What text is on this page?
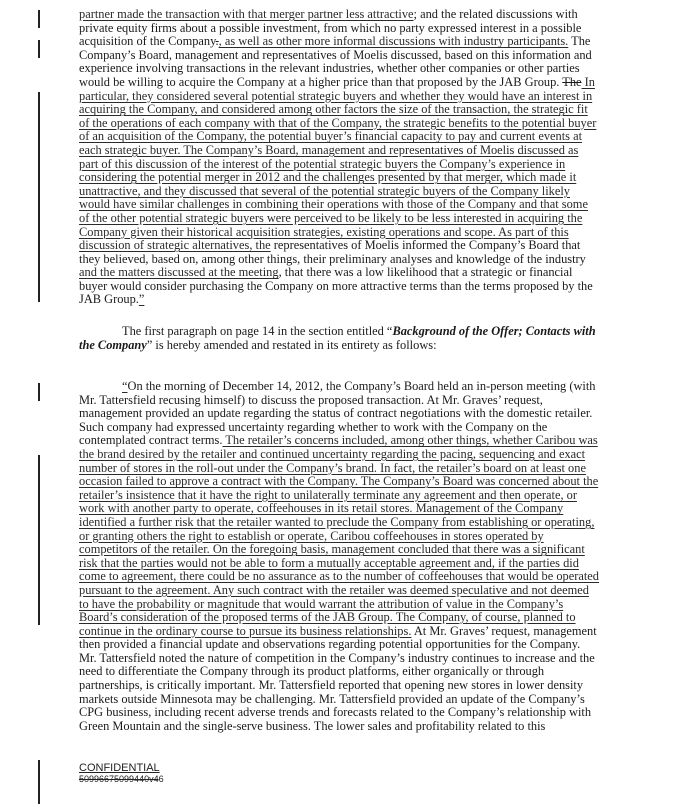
partner made the transaction with that merger partner less attractive; and the related discussions with private equity firms about a possible investment, from which no party expressed interest in a possible acquisition of the Company., as well as other more informal discussions with industry participants. The Company’s Board, management and representatives of Moelis discussed, based on this information and experience involving transactions in the relevant industries, whether other companies or other parties would be willing to acquire the Company at a higher price than that proposed by the JAB Group. The In particular, they considered several potential strategic buyers and whether they would have an interest in acquiring the Company, and considered among other factors the size of the transaction, the strategic fit of the operations of each company with that of the Company, the strategic benefits to the potential buyer of an acquisition of the Company, the potential buyer’s financial capacity to pay and current events at each strategic buyer. The Company’s Board, management and representatives of Moelis discussed as part of this discussion of the interest of the potential strategic buyers the Company’s experience in considering the potential merger in 2012 and the challenges presented by that merger, which made it unattractive, and they discussed that several of the potential strategic buyers of the Company likely would have similar challenges in combining their operations with those of the Company and that some of the other potential strategic buyers were perceived to be likely to be less interested in acquiring the Company given their historical acquisition strategies, existing operations and scope. As part of this discussion of strategic alternatives, the representatives of Moelis informed the Company’s Board that they believed, based on, among other things, their preliminary analyses and knowledge of the industry and the matters discussed at the meeting, that there was a low likelihood that a strategic or financial buyer would consider purchasing the Company on more attractive terms than the terms proposed by the JAB Group.”
The first paragraph on page 14 in the section entitled “Background of the Offer; Contacts with the Company” is hereby amended and restated in its entirety as follows:
“On the morning of December 14, 2012, the Company’s Board held an in-person meeting (with Mr. Tattersfield recusing himself) to discuss the proposed transaction. At Mr. Graves’ request, management provided an update regarding the status of contract negotiations with the domestic retailer. Such company had expressed uncertainty regarding whether to work with the Company on the contemplated contract terms. The retailer’s concerns included, among other things, whether Caribou was the brand desired by the retailer and continued uncertainty regarding the pacing, sequencing and exact number of stores in the roll-out under the Company’s brand. In fact, the retailer’s board on at least one occasion failed to approve a contract with the Company. The Company’s Board was concerned about the retailer’s insistence that it have the right to unilaterally terminate any agreement and then operate, or work with another party to operate, coffeehouses in its retail stores. Management of the Company identified a further risk that the retailer wanted to preclude the Company from establishing or operating, or granting others the right to establish or operate, Caribou coffeehouses in stores operated by competitors of the retailer. On the foregoing basis, management concluded that there was a significant risk that the parties would not be able to form a mutually acceptable agreement and, if the parties did come to agreement, there could be no assurance as to the number of coffeehouses that would be operated pursuant to the agreement. Any such contract with the retailer was deemed speculative and not deemed to have the probability or magnitude that would warrant the attribution of value in the Company’s Board’s consideration of the proposed terms of the JAB Group. The Company, of course, planned to continue in the ordinary course to pursue its business relationships. At Mr. Graves’ request, management then provided a financial update and observations regarding potential opportunities for the Company. Mr. Tattersfield noted the nature of competition in the Company’s industry continues to increase and the need to differentiate the Company through its product platforms, either organically or through partnerships, is critically important. Mr. Tattersfield reported that opening new stores in lower density markets outside Minnesota may be challenging. Mr. Tattersfield provided an update of the Company’s CPG business, including recent adverse trends and forecasts related to the Company’s relationship with Green Mountain and the single-serve business. The lower sales and profitability related to this
CONFIDENTIAL
50996675099440v46
